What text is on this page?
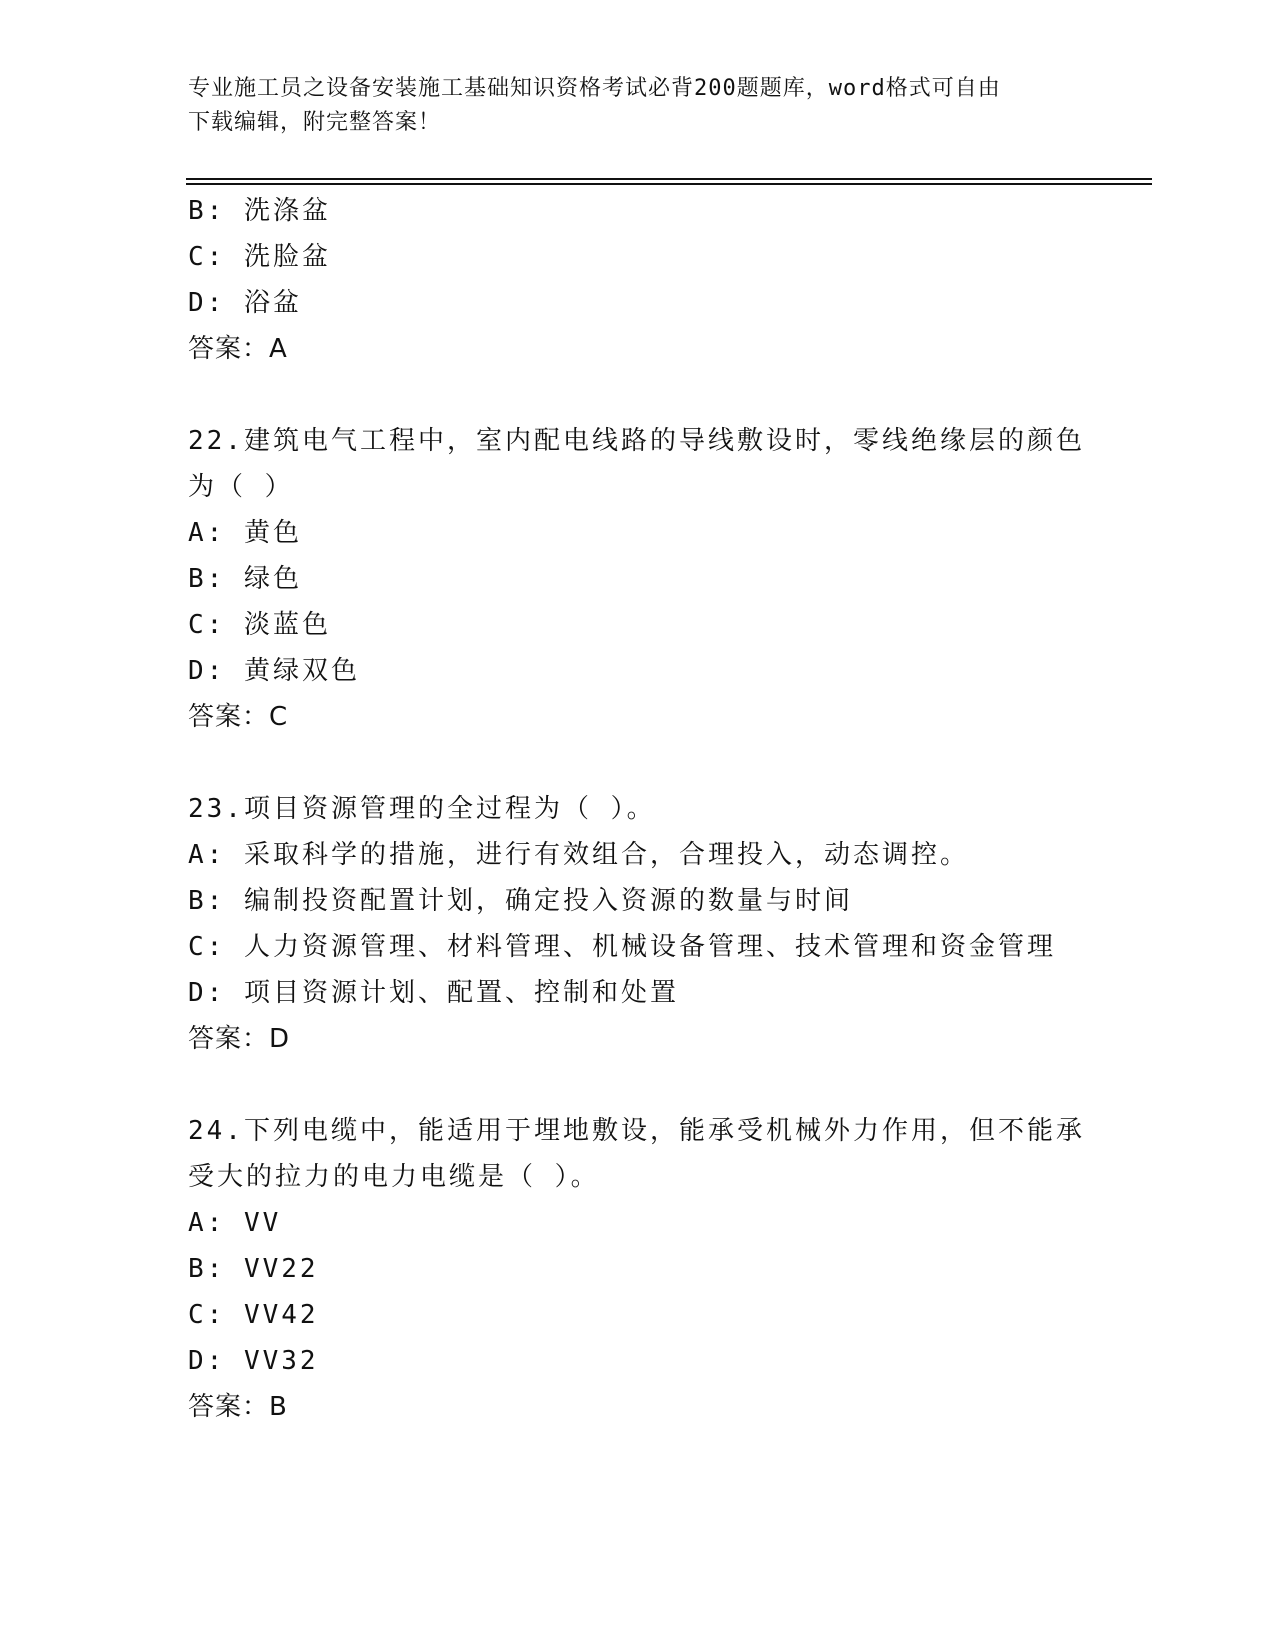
专业施工员之设备安装施工基础知识资格考试必背200题题库，word格式可自由
下载编辑，附完整答案！
B: 洗涤盆
C: 洗脸盆
D: 浴盆
答案：A
22.建筑电气工程中，室内配电线路的导线敷设时，零线绝缘层的颜色
为（ ）
A: 黄色
B: 绿色
C: 淡蓝色
D: 黄绿双色
答案：C
23.项目资源管理的全过程为（ ）。
A: 采取科学的措施，进行有效组合，合理投入，动态调控。
B: 编制投资配置计划，确定投入资源的数量与时间
C: 人力资源管理、材料管理、机械设备管理、技术管理和资金管理
D: 项目资源计划、配置、控制和处置
答案：D
24.下列电缆中，能适用于埋地敷设，能承受机械外力作用，但不能承
受大的拉力的电力电缆是（ ）。
A: VV
B: VV22
C: VV42
D: VV32
答案：B
